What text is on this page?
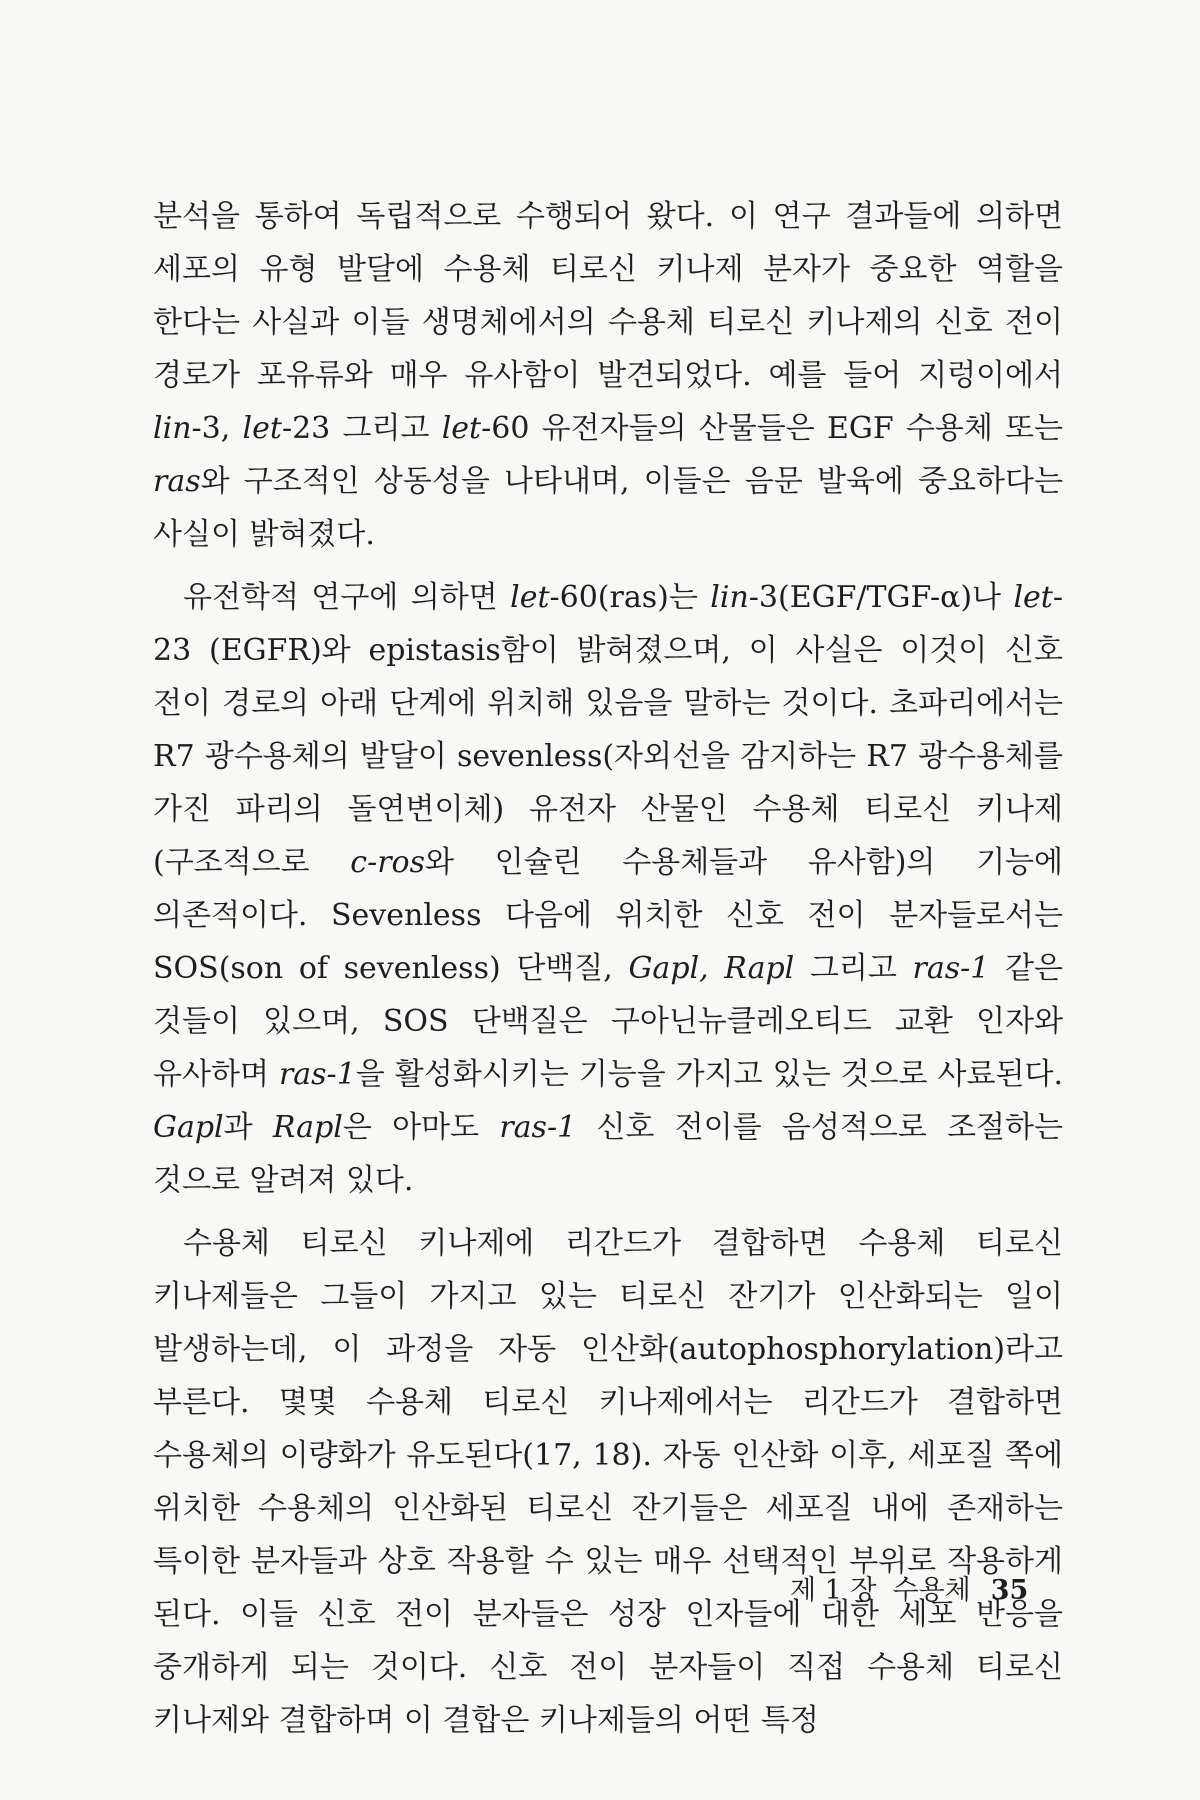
분석을 통하여 독립적으로 수행되어 왔다. 이 연구 결과들에 의하면 세포의 유형 발달에 수용체 티로신 키나제 분자가 중요한 역할을 한다는 사실과 이들 생명체에서의 수용체 티로신 키나제의 신호 전이 경로가 포유류와 매우 유사함이 발견되었다. 예를 들어 지렁이에서 lin-3, let-23 그리고 let-60 유전자들의 산물들은 EGF 수용체 또는 ras와 구조적인 상동성을 나타내며, 이들은 음문 발육에 중요하다는 사실이 밝혀졌다.

유전학적 연구에 의하면 let-60(ras)는 lin-3(EGF/TGF-α)나 let-23 (EGFR)와 epistasis함이 밝혀졌으며, 이 사실은 이것이 신호 전이 경로의 아래 단계에 위치해 있음을 말하는 것이다. 초파리에서는 R7 광수용체의 발달이 sevenless(자외선을 감지하는 R7 광수용체를 가진 파리의 돌연변이체) 유전자 산물인 수용체 티로신 키나제(구조적으로 c-ros와 인슐린 수용체들과 유사함)의 기능에 의존적이다. Sevenless 다음에 위치한 신호 전이 분자들로서는 SOS(son of sevenless) 단백질, Gapl, Rapl 그리고 ras-1 같은 것들이 있으며, SOS 단백질은 구아닌뉴클레오티드 교환 인자와 유사하며 ras-1을 활성화시키는 기능을 가지고 있는 것으로 사료된다. Gapl과 Rapl은 아마도 ras-1 신호 전이를 음성적으로 조절하는 것으로 알려져 있다.

수용체 티로신 키나제에 리간드가 결합하면 수용체 티로신 키나제들은 그들이 가지고 있는 티로신 잔기가 인산화되는 일이 발생하는데, 이 과정을 자동 인산화(autophosphorylation)라고 부른다. 몇몇 수용체 티로신 키나제에서는 리간드가 결합하면 수용체의 이량화가 유도된다(17, 18). 자동 인산화 이후, 세포질 쪽에 위치한 수용체의 인산화된 티로신 잔기들은 세포질 내에 존재하는 특이한 분자들과 상호 작용할 수 있는 매우 선택적인 부위로 작용하게 된다. 이들 신호 전이 분자들은 성장 인자들에 대한 세포 반응을 중개하게 되는 것이다. 신호 전이 분자들이 직접 수용체 티로신 키나제와 결합하며 이 결합은 키나제들의 어떤 특정

제 1 장 수용체 35
